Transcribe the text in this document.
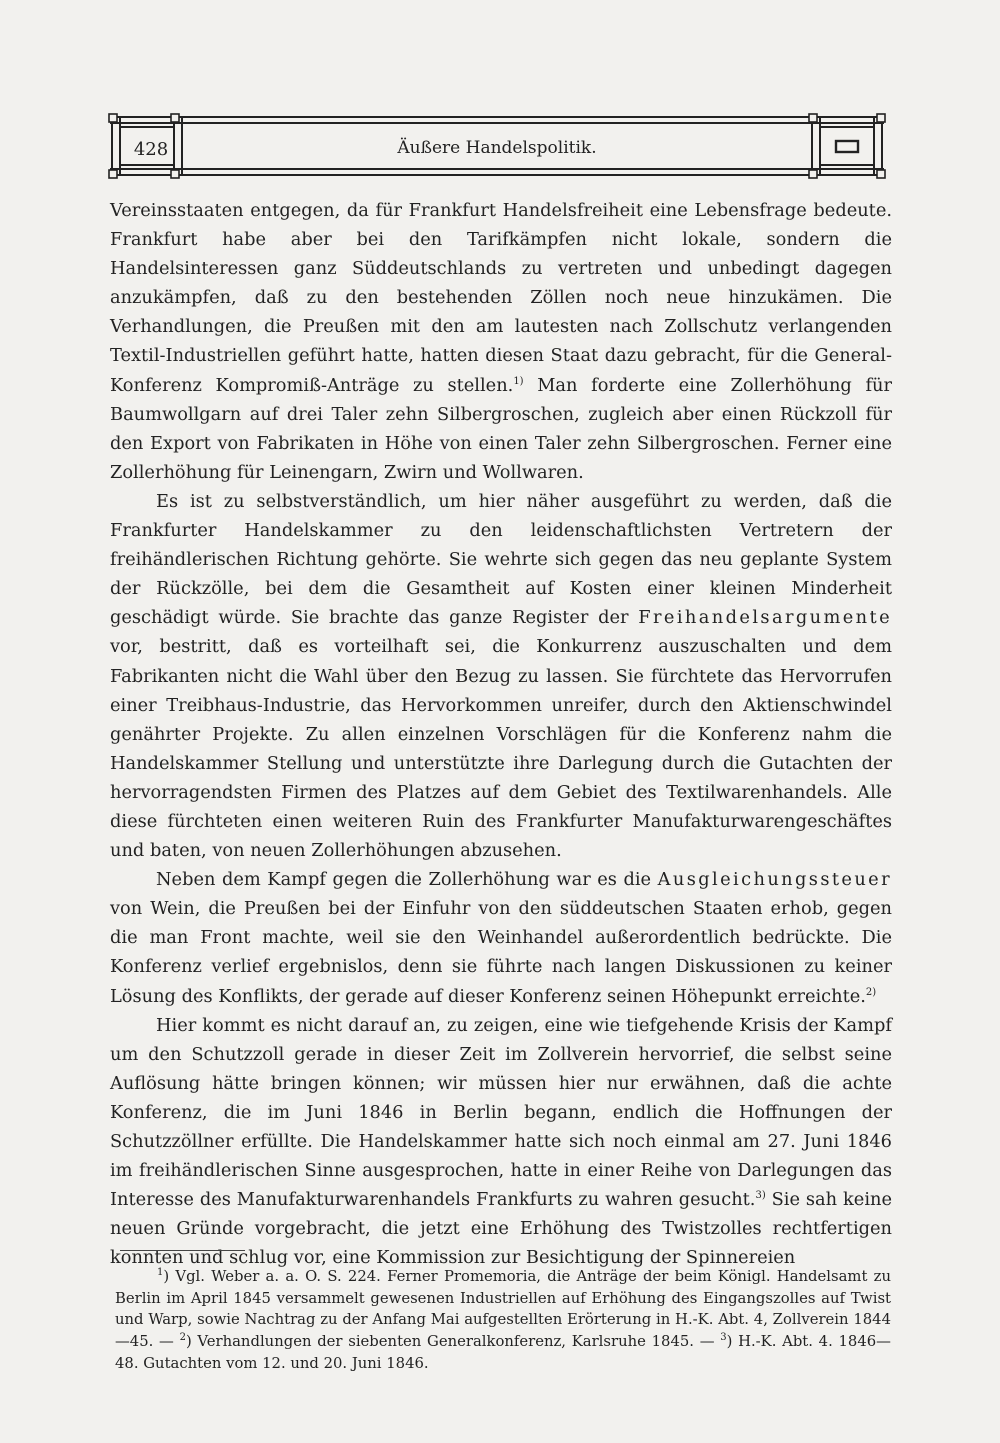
428	Äußere Handelspolitik.

Vereinsstaaten entgegen, da für Frankfurt Handelsfreiheit eine Lebensfrage bedeute. Frankfurt habe aber bei den Tarifkämpfen nicht lokale, sondern die Handelsinteressen ganz Süddeutschlands zu vertreten und unbedingt dagegen anzukämpfen, daß zu den bestehenden Zöllen noch neue hinzukämen. Die Verhandlungen, die Preußen mit den am lautesten nach Zollschutz verlangenden Textil-Industriellen geführt hatte, hatten diesen Staat dazu gebracht, für die General-Konferenz Kompromiß-Anträge zu stellen.$^{1)}$ Man forderte eine Zollerhöhung für Baumwollgarn auf drei Taler zehn Silbergroschen, zugleich aber einen Rückzoll für den Export von Fabrikaten in Höhe von einen Taler zehn Silbergroschen. Ferner eine Zollerhöhung für Leinengarn, Zwirn und Wollwaren.

Es ist zu selbstverständlich, um hier näher ausgeführt zu werden, daß die Frankfurter Handelskammer zu den leidenschaftlichsten Vertretern der freihändlerischen Richtung gehörte. Sie wehrte sich gegen das neu geplante System der Rückzölle, bei dem die Gesamtheit auf Kosten einer kleinen Minderheit geschädigt würde. Sie brachte das ganze Register der Freihandelsargumente vor, bestritt, daß es vorteilhaft sei, die Konkurrenz auszuschalten und dem Fabrikanten nicht die Wahl über den Bezug zu lassen. Sie fürchtete das Hervorrufen einer Treibhaus-Industrie, das Hervorkommen unreifer, durch den Aktienschwindel genährter Projekte. Zu allen einzelnen Vorschlägen für die Konferenz nahm die Handelskammer Stellung und unterstützte ihre Darlegung durch die Gutachten der hervorragendsten Firmen des Platzes auf dem Gebiet des Textilwarenhandels. Alle diese fürchteten einen weiteren Ruin des Frankfurter Manufakturwarengeschäftes und baten, von neuen Zollerhöhungen abzusehen.

Neben dem Kampf gegen die Zollerhöhung war es die Ausgleichungssteuer von Wein, die Preußen bei der Einfuhr von den süddeutschen Staaten erhob, gegen die man Front machte, weil sie den Weinhandel außerordentlich bedrückte. Die Konferenz verlief ergebnislos, denn sie führte nach langen Diskussionen zu keiner Lösung des Konflikts, der gerade auf dieser Konferenz seinen Höhepunkt erreichte.$^{2)}$

Hier kommt es nicht darauf an, zu zeigen, eine wie tiefgehende Krisis der Kampf um den Schutzzoll gerade in dieser Zeit im Zollverein hervorrief, die selbst seine Auflösung hätte bringen können; wir müssen hier nur erwähnen, daß die achte Konferenz, die im Juni 1846 in Berlin begann, endlich die Hoffnungen der Schutzzöllner erfüllte. Die Handelskammer hatte sich noch einmal am 27. Juni 1846 im freihändlerischen Sinne ausgesprochen, hatte in einer Reihe von Darlegungen das Interesse des Manufakturwarenhandels Frankfurts zu wahren gesucht.$^{3)}$ Sie sah keine neuen Gründe vorgebracht, die jetzt eine Erhöhung des Twistzolles rechtfertigen konnten und schlug vor, eine Kommission zur Besichtigung der Spinnereien

$^1$) Vgl. Weber a. a. O. S. 224. Ferner Promemoria, die Anträge der beim Königl. Handelsamt zu Berlin im April 1845 versammelt gewesenen Industriellen auf Erhöhung des Eingangszolles auf Twist und Warp, sowie Nachtrag zu der Anfang Mai aufgestellten Erörterung in H.-K. Abt. 4, Zollverein 1844—45. — $^2$) Verhandlungen der siebenten Generalkonferenz, Karlsruhe 1845. — $^3$) H.-K. Abt. 4. 1846—48. Gutachten vom 12. und 20. Juni 1846.
